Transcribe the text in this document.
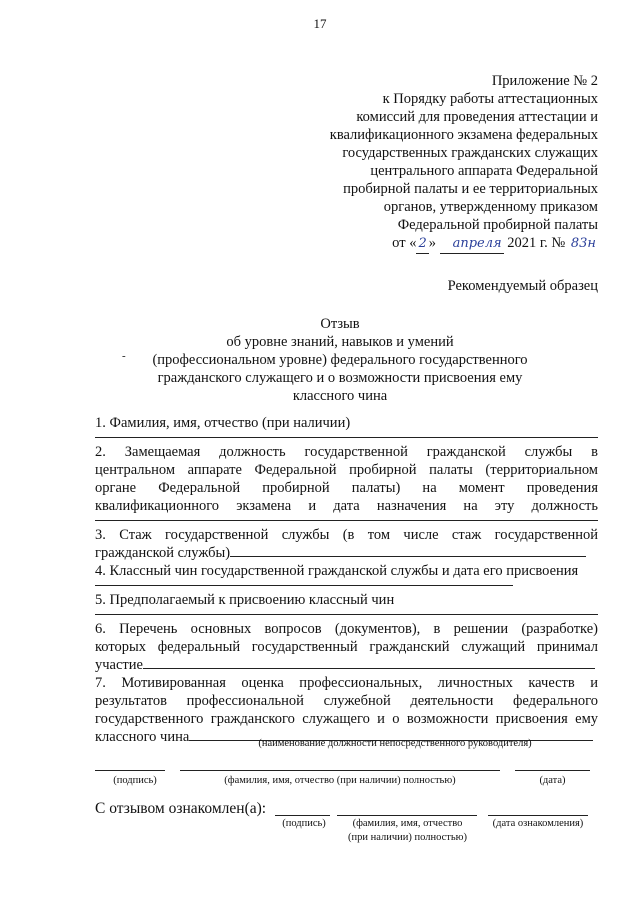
17
Приложение № 2
к Порядку работы аттестационных
комиссий для проведения аттестации и
квалификационного экзамена федеральных
государственных гражданских служащих
центрального аппарата Федеральной
пробирной палаты и ее территориальных
органов, утвержденному приказом
Федеральной пробирной палаты
от « 2 » апреля 2021 г. № 83н
Рекомендуемый образец
-
Отзыв
об уровне знаний, навыков и умений
(профессиональном уровне) федерального государственного
гражданского служащего и о возможности присвоения ему
классного чина
1. Фамилия, имя, отчество (при наличии)
2. Замещаемая должность государственной гражданской службы в
центральном аппарате Федеральной пробирной палаты (территориальном
органе Федеральной пробирной палаты) на момент проведения
квалификационного экзамена и дата назначения на эту должность
3. Стаж государственной службы (в том числе стаж государственной
гражданской службы)
4. Классный чин государственной гражданской службы и дата его присвоения
5. Предполагаемый к присвоению классный чин
6. Перечень основных вопросов (документов), в решении (разработке)
которых федеральный государственный гражданский служащий принимал
участие
7. Мотивированная оценка профессиональных, личностных качеств и
результатов профессиональной служебной деятельности федерального
государственного гражданского служащего и о возможности присвоения ему
классного чина	(наименование должности непосредственного руководителя)
(подпись)	(фамилия, имя, отчество (при наличии) полностью)	(дата)
С отзывом ознакомлен(а):
(подпись)	(фамилия, имя, отчество
(при наличии) полностью)
(дата ознакомления)
